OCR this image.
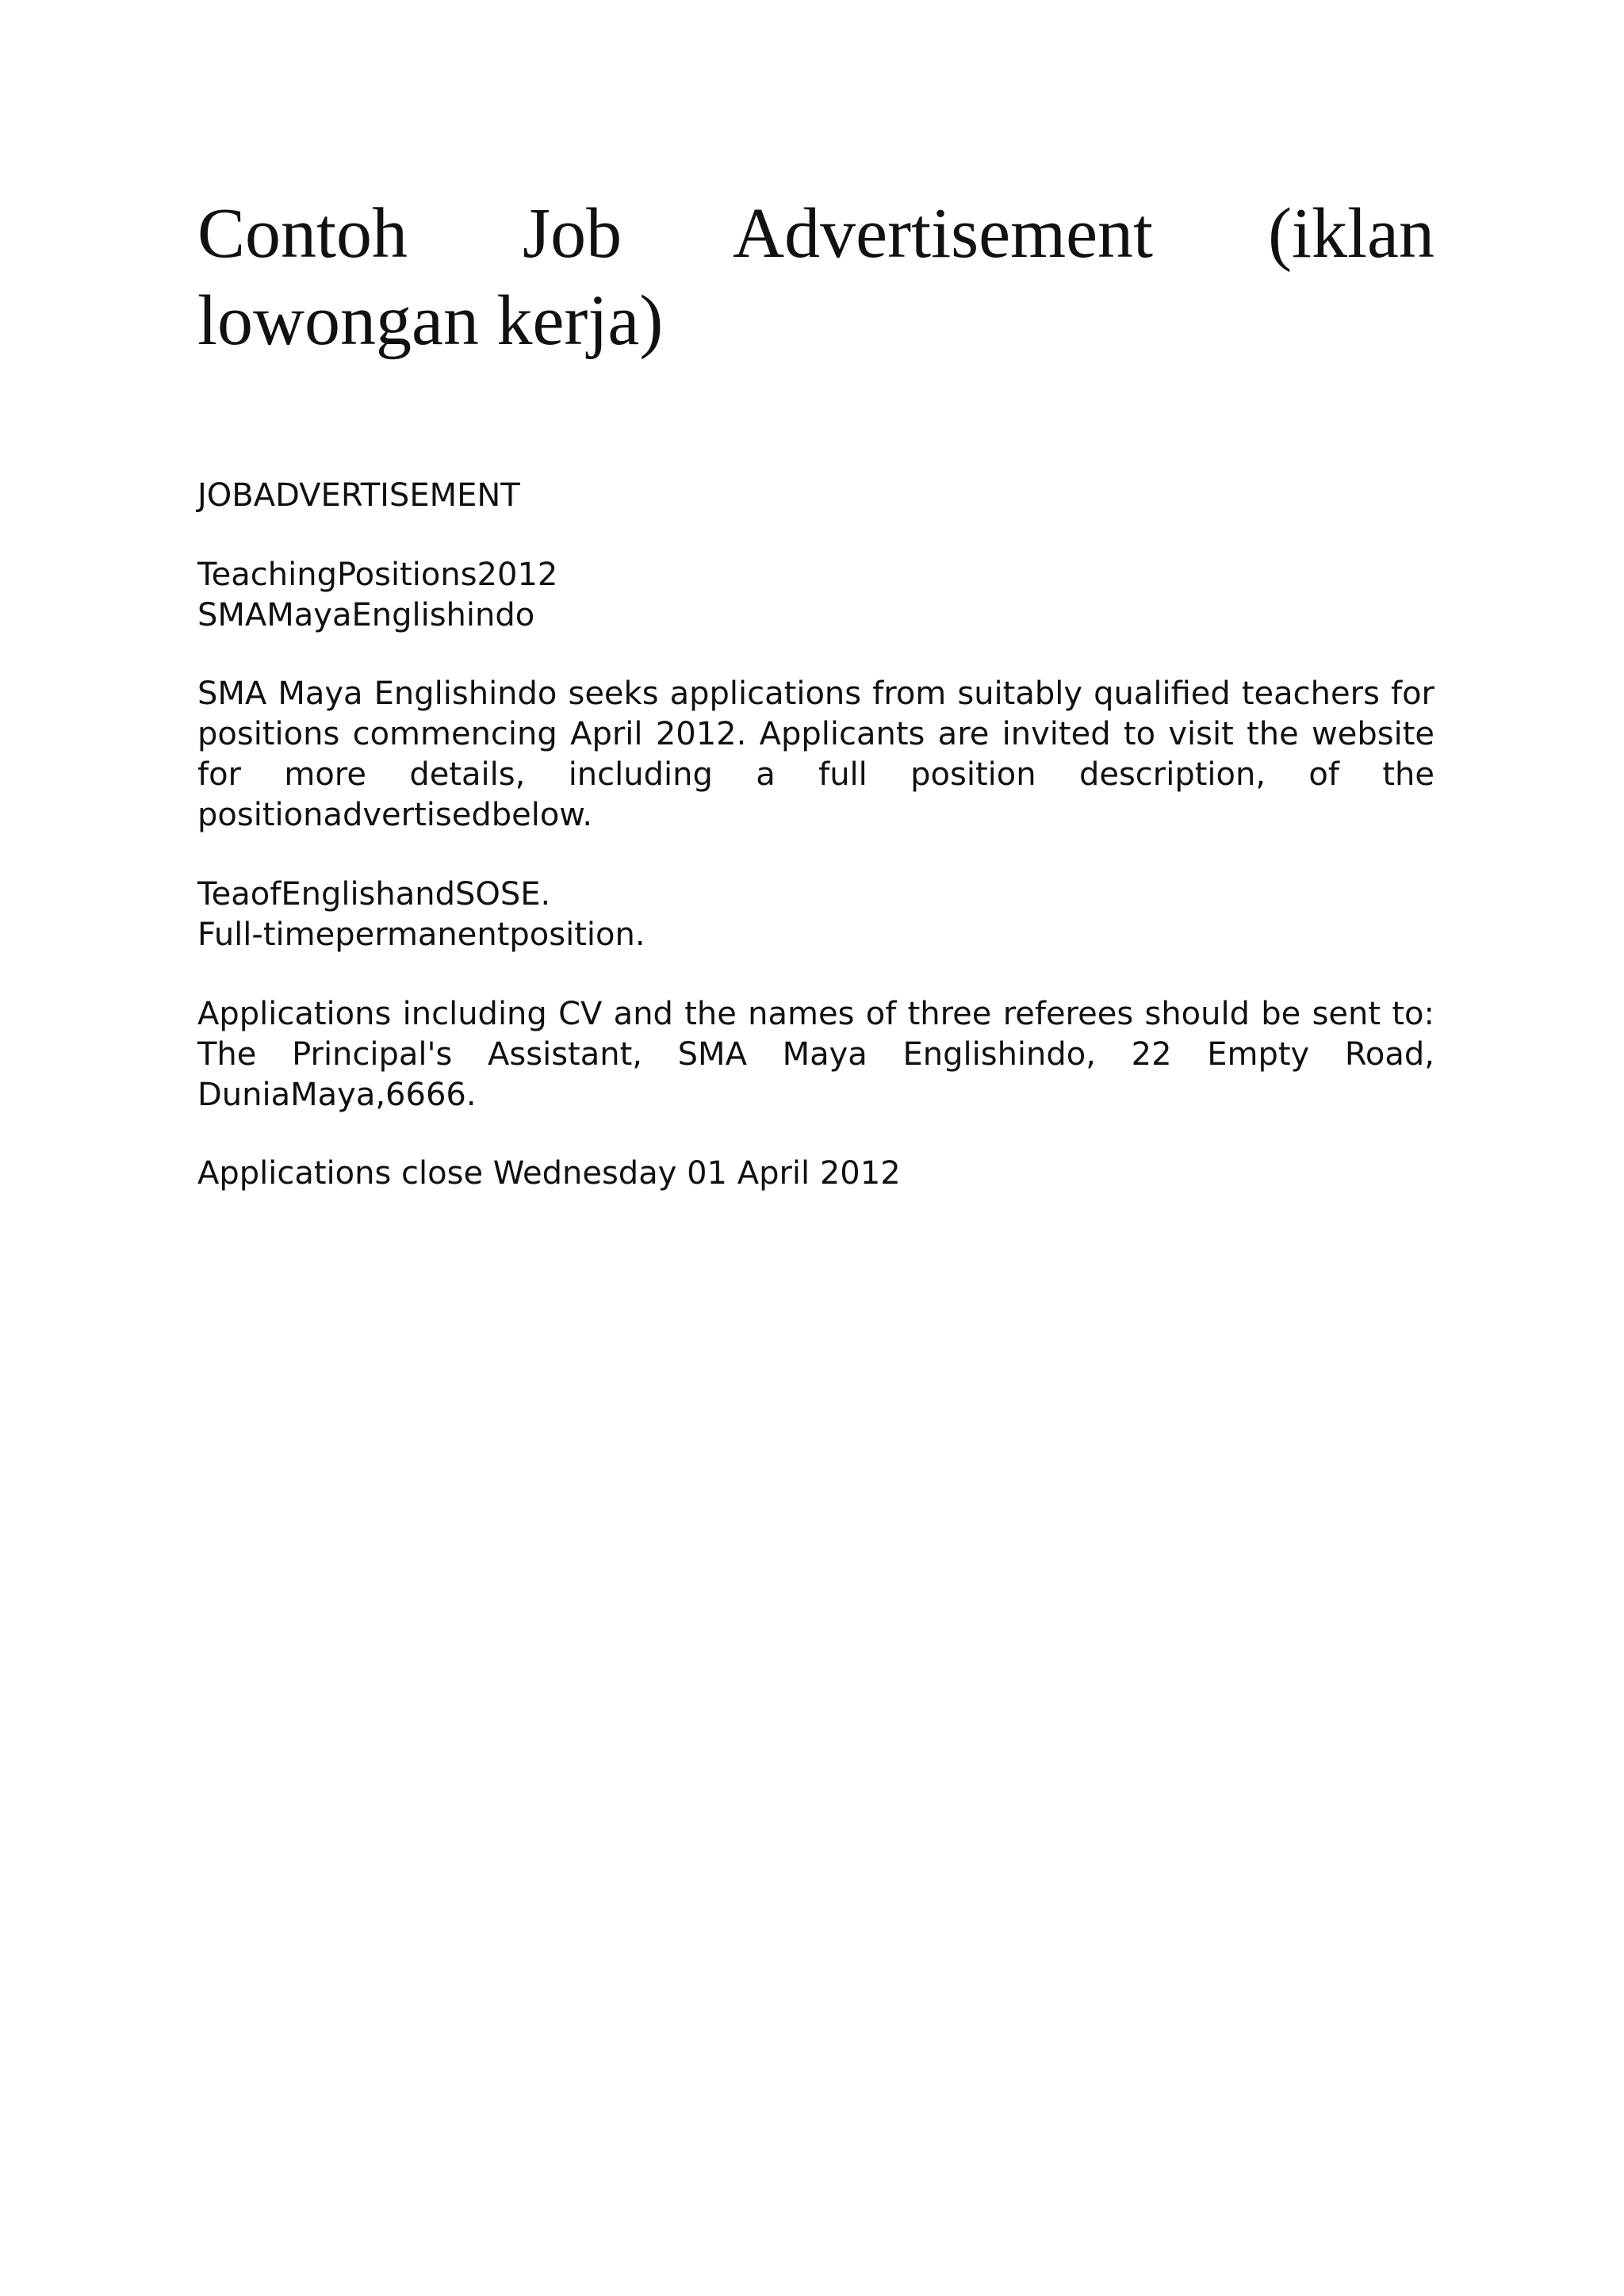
Contoh Job Advertisement (iklan lowongan kerja)

JOBADVERTISEMENT

TeachingPositions2012
SMAMayaEnglishindo

SMA Maya Englishindo seeks applications from suitably qualified teachers for positions commencing April 2012. Applicants are invited to visit the website for more details, including a full position description, of the positionadvertisedbelow.

TeaofEnglishandSOSE.
Full-timepermanentposition.

Applications including CV and the names of three referees should be sent to: The Principal's Assistant, SMA Maya Englishindo, 22 Empty Road, DuniaMaya,6666.

Applications close Wednesday 01 April 2012
